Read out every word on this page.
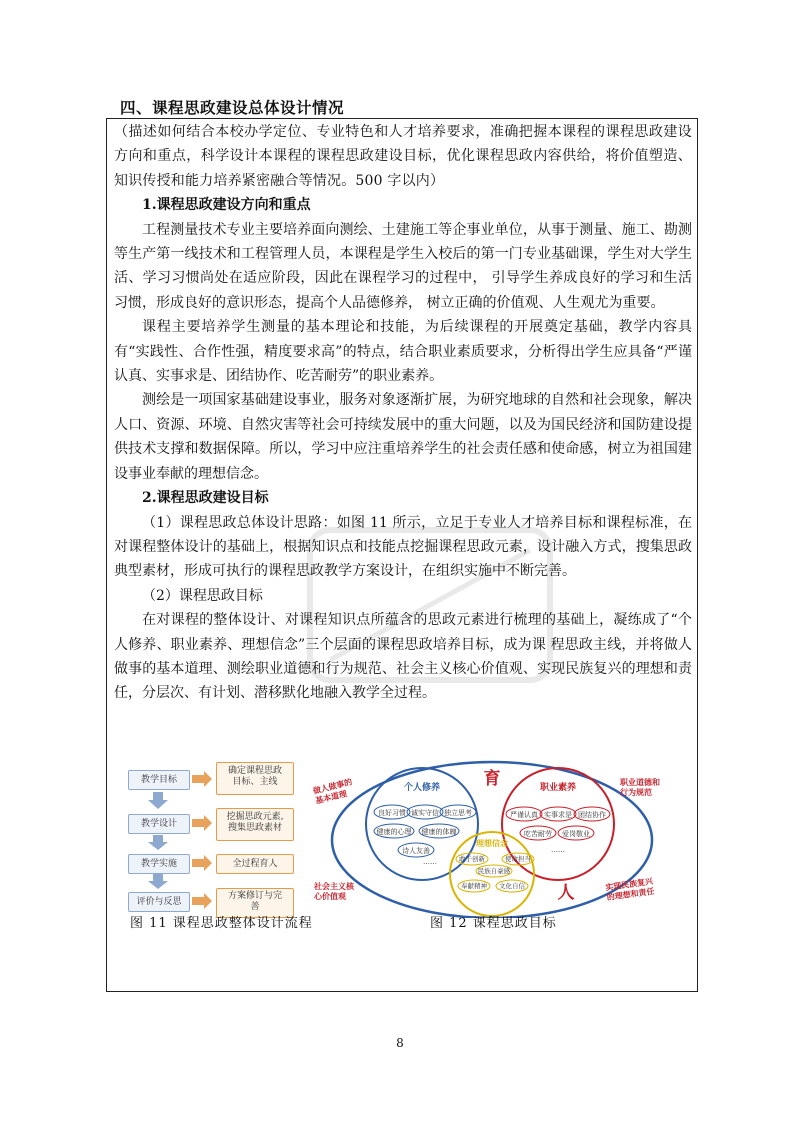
四、课程思政建设总体设计情况

（描述如何结合本校办学定位、专业特色和人才培养要求，准确把握本课程的课程思政建设方向和重点，科学设计本课程的课程思政建设目标，优化课程思政内容供给，将价值塑造、知识传授和能力培养紧密融合等情况。500 字以内）

1.课程思政建设方向和重点

工程测量技术专业主要培养面向测绘、土建施工等企事业单位，从事于测量、施工、勘测等生产第一线技术和工程管理人员，本课程是学生入校后的第一门专业基础课，学生对大学生活、学习习惯尚处在适应阶段，因此在课程学习的过程中， 引导学生养成良好的学习和生活习惯，形成良好的意识形态，提高个人品德修养， 树立正确的价值观、人生观尤为重要。

课程主要培养学生测量的基本理论和技能，为后续课程的开展奠定基础，教学内容具有“实践性、合作性强，精度要求高”的特点，结合职业素质要求，分析得出学生应具备“严谨认真、实事求是、团结协作、吃苦耐劳”的职业素养。

测绘是一项国家基础建设事业，服务对象逐渐扩展，为研究地球的自然和社会现象，解决人口、资源、环境、自然灾害等社会可持续发展中的重大问题，以及为国民经济和国防建设提供技术支撑和数据保障。所以，学习中应注重培养学生的社会责任感和使命感，树立为祖国建设事业奉献的理想信念。

2.课程思政建设目标

（1）课程思政总体设计思路：如图 11 所示，立足于专业人才培养目标和课程标准，在对课程整体设计的基础上，根据知识点和技能点挖掘课程思政元素，设计融入方式，搜集思政典型素材，形成可执行的课程思政教学方案设计，在组织实施中不断完善。

（2）课程思政目标

在对课程的整体设计、对课程知识点所蕴含的思政元素进行梳理的基础上，凝练成了“个人修养、职业素养、理想信念”三个层面的课程思政培养目标，成为课 程思政主线，并将做人做事的基本道理、测绘职业道德和行为规范、社会主义核心价值观、实现民族复兴的理想和责任，分层次、有计划、潜移默化地融入教学全过程。

教学目标
教学设计
教学实施
评价与反思
确定课程思政
目标、主线
挖掘思政元素,
搜集思政素材
全过程育人
方案修订与完
善
个人修养
良好习惯 诚实守信 独立思考
健康的心理 健康的体魄
诗人友善
职业素养
严谨认真 实事求是 团结协作
吃苦耐劳 爱岗敬业
……
理想信念
敢于创新
民族自豪感
使命担当
奉献精神 文化自信
……
育
人
做人做事的
基本道理
职业道德和
行为规范
社会主义核
心价值观
实现民族复兴
的理想和责任
图 11 课程思政整体设计流程	图 12 课程思政目标
8
